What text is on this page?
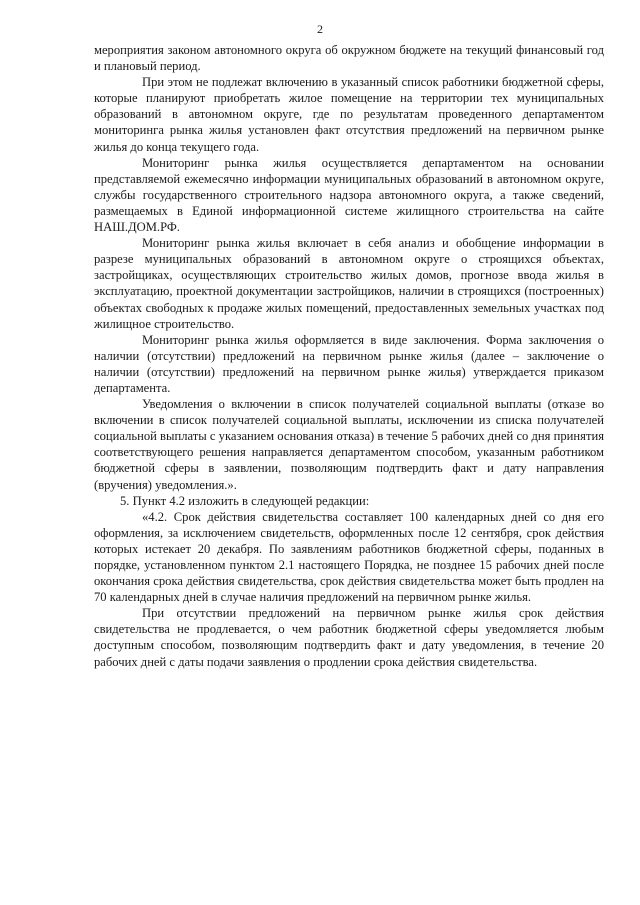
2

мероприятия законом автономного округа об окружном бюджете на текущий финансовый год и плановый период.

При этом не подлежат включению в указанный список работники бюджетной сферы, которые планируют приобретать жилое помещение на территории тех муниципальных образований в автономном округе, где по результатам проведенного департаментом мониторинга рынка жилья установлен факт отсутствия предложений на первичном рынке жилья до конца текущего года.

Мониторинг рынка жилья осуществляется департаментом на основании представляемой ежемесячно информации муниципальных образований в автономном округе, службы государственного строительного надзора автономного округа, а также сведений, размещаемых в Единой информационной системе жилищного строительства на сайте НАШ.ДОМ.РФ.

Мониторинг рынка жилья включает в себя анализ и обобщение информации в разрезе муниципальных образований в автономном округе о строящихся объектах, застройщиках, осуществляющих строительство жилых домов, прогнозе ввода жилья в эксплуатацию, проектной документации застройщиков, наличии в строящихся (построенных) объектах свободных к продаже жилых помещений, предоставленных земельных участках под жилищное строительство.

Мониторинг рынка жилья оформляется в виде заключения. Форма заключения о наличии (отсутствии) предложений на первичном рынке жилья (далее – заключение о наличии (отсутствии) предложений на первичном рынке жилья) утверждается приказом департамента.

Уведомления о включении в список получателей социальной выплаты (отказе во включении в список получателей социальной выплаты, исключении из списка получателей социальной выплаты с указанием основания отказа) в течение 5 рабочих дней со дня принятия соответствующего решения направляется департаментом способом, указанным работником бюджетной сферы в заявлении, позволяющим подтвердить факт и дату направления (вручения) уведомления.».

5. Пункт 4.2 изложить в следующей редакции:

«4.2. Срок действия свидетельства составляет 100 календарных дней со дня его оформления, за исключением свидетельств, оформленных после 12 сентября, срок действия которых истекает 20 декабря. По заявлениям работников бюджетной сферы, поданных в порядке, установленном пунктом 2.1 настоящего Порядка, не позднее 15 рабочих дней после окончания срока действия свидетельства, срок действия свидетельства может быть продлен на 70 календарных дней в случае наличия предложений на первичном рынке жилья.

При отсутствии предложений на первичном рынке жилья срок действия свидетельства не продлевается, о чем работник бюджетной сферы уведомляется любым доступным способом, позволяющим подтвердить факт и дату уведомления, в течение 20 рабочих дней с даты подачи заявления о продлении срока действия свидетельства.
